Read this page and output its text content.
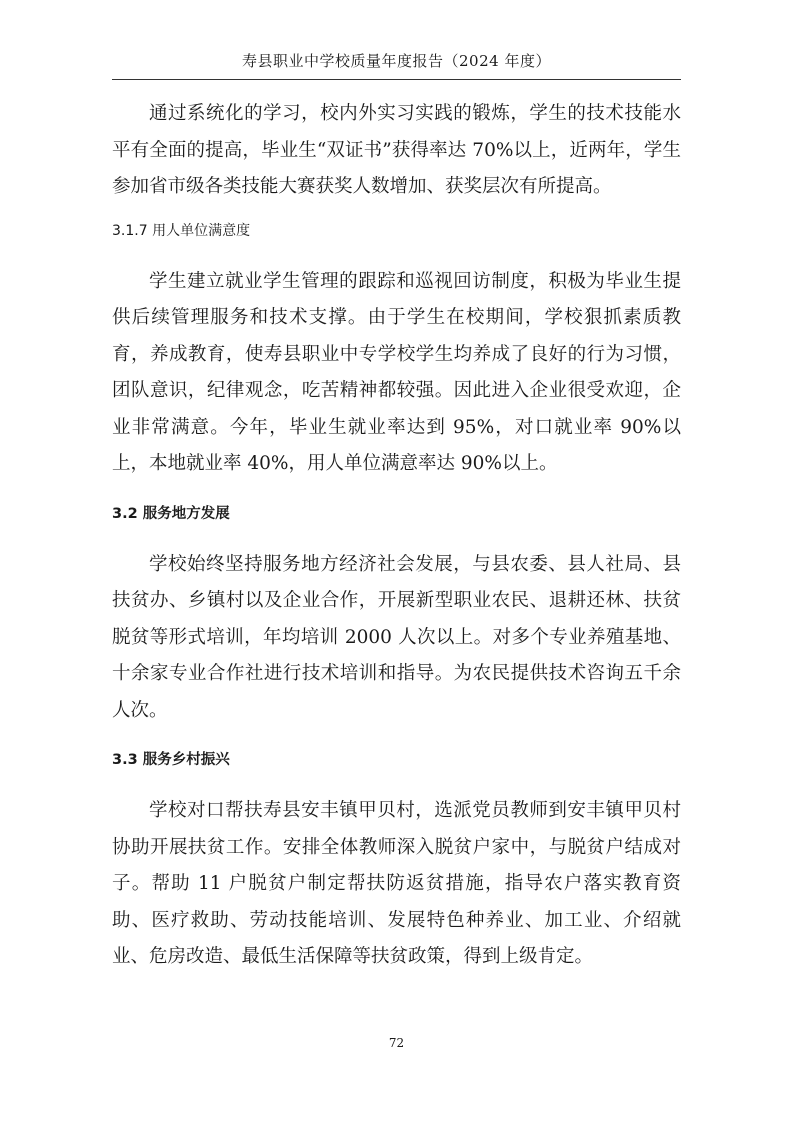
寿县职业中学校质量年度报告（2024 年度）

通过系统化的学习，校内外实习实践的锻炼，学生的技术技能水平有全面的提高，毕业生“双证书”获得率达 70%以上，近两年，学生参加省市级各类技能大赛获奖人数增加、获奖层次有所提高。

3.1.7 用人单位满意度

学生建立就业学生管理的跟踪和巡视回访制度，积极为毕业生提供后续管理服务和技术支撑。由于学生在校期间，学校狠抓素质教育，养成教育，使寿县职业中专学校学生均养成了良好的行为习惯，团队意识，纪律观念，吃苦精神都较强。因此进入企业很受欢迎，企业非常满意。今年，毕业生就业率达到 95%，对口就业率 90%以上，本地就业率 40%，用人单位满意率达 90%以上。

3.2 服务地方发展

学校始终坚持服务地方经济社会发展，与县农委、县人社局、县扶贫办、乡镇村以及企业合作，开展新型职业农民、退耕还林、扶贫脱贫等形式培训，年均培训 2000 人次以上。对多个专业养殖基地、十余家专业合作社进行技术培训和指导。为农民提供技术咨询五千余人次。

3.3 服务乡村振兴

学校对口帮扶寿县安丰镇甲贝村，选派党员教师到安丰镇甲贝村协助开展扶贫工作。安排全体教师深入脱贫户家中，与脱贫户结成对子。帮助 11 户脱贫户制定帮扶防返贫措施，指导农户落实教育资助、医疗救助、劳动技能培训、发展特色种养业、加工业、介绍就业、危房改造、最低生活保障等扶贫政策，得到上级肯定。

72
